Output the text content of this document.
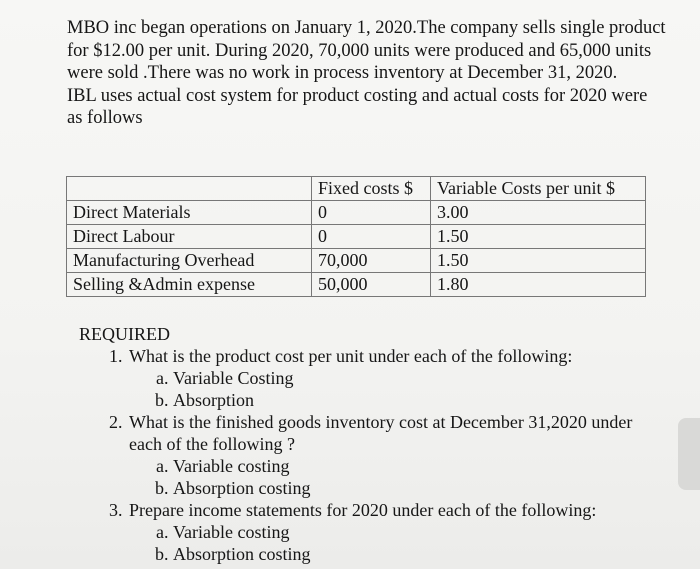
MBO inc began operations on January 1, 2020.The company sells single product for $12.00 per unit. During 2020, 70,000 units were produced and 65,000 units were sold .There was no work in process inventory at December 31, 2020.

IBL uses actual cost system for product costing and actual costs for 2020 were as follows

	Fixed costs $	Variable Costs per unit $
Direct Materials	0	3.00
Direct Labour	0	1.50
Manufacturing Overhead	70,000	1.50
Selling &Admin expense	50,000	1.80
REQUIRED
1. What is the product cost per unit under each of the following:
a. Variable Costing
b. Absorption
2. What is the finished goods inventory cost at December 31,2020 under each of the following ?
a. Variable costing
b. Absorption costing
3. Prepare income statements for 2020 under each of the following:
a. Variable costing
b. Absorption costing
